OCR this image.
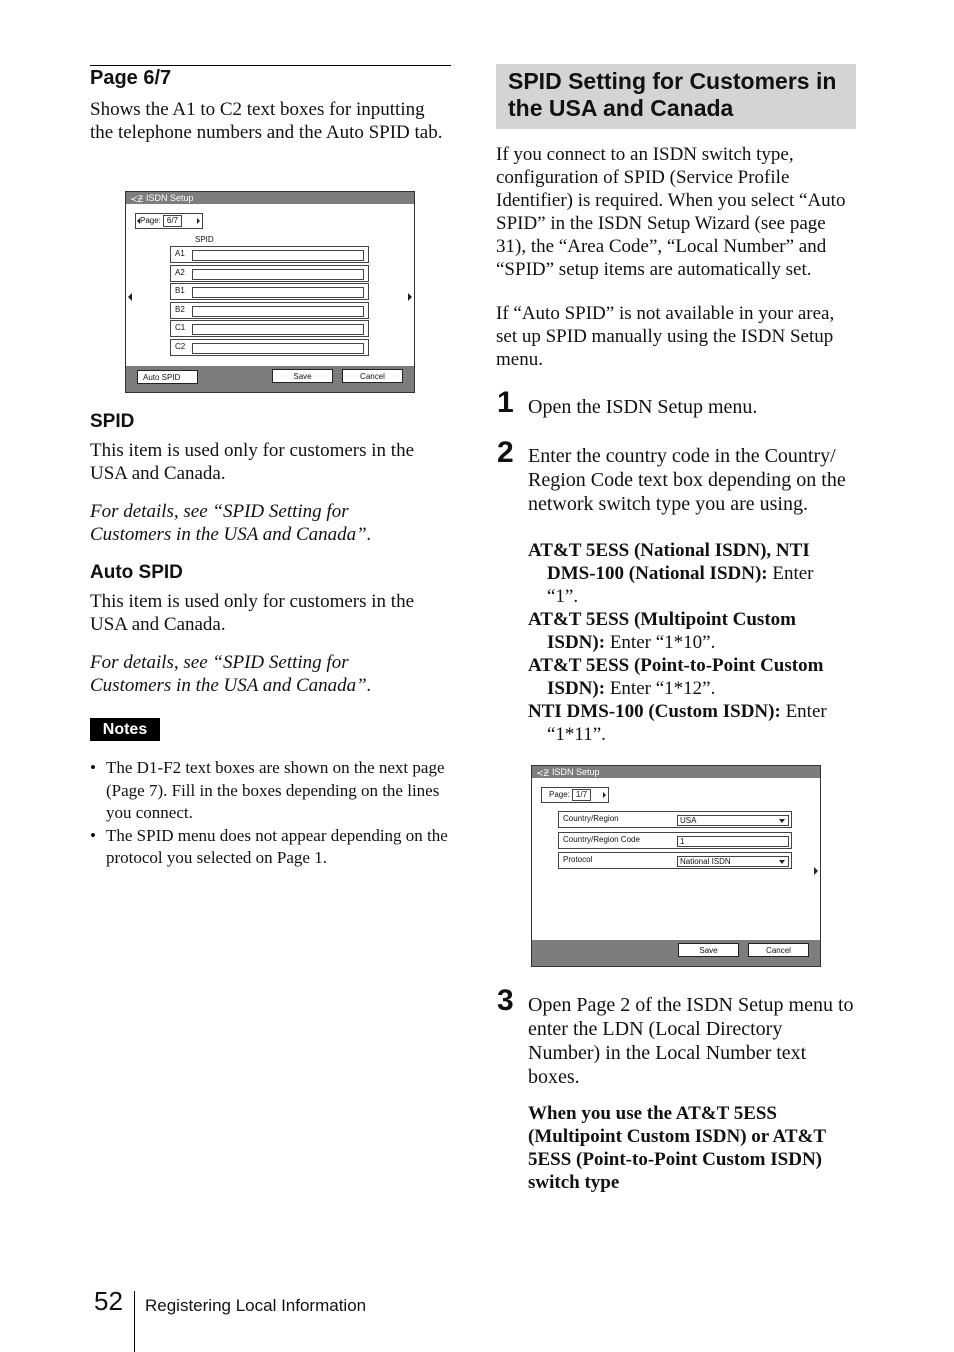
Page 6/7

Shows the A1 to C2 text boxes for inputting the telephone numbers and the Auto SPID tab.

≺Ƶ ISDN Setup
Page: 6/7
SPID
A1
A2
B1
B2
C1
C2
Auto SPID	Save	Cancel
SPID

This item is used only for customers in the USA and Canada.

For details, see “SPID Setting for Customers in the USA and Canada”.

Auto SPID

This item is used only for customers in the USA and Canada.

For details, see “SPID Setting for Customers in the USA and Canada”.

Notes
• The D1-F2 text boxes are shown on the next page (Page 7). Fill in the boxes depending on the lines you connect.
• The SPID menu does not appear depending on the protocol you selected on Page 1.
SPID Setting for Customers in the USA and Canada

If you connect to an ISDN switch type, configuration of SPID (Service Profile Identifier) is required. When you select “Auto SPID” in the ISDN Setup Wizard (see page 31), the “Area Code”, “Local Number” and “SPID” setup items are automatically set.

If “Auto SPID” is not available in your area, set up SPID manually using the ISDN Setup menu.

1 Open the ISDN Setup menu.
2 Enter the country code in the Country/ Region Code text box depending on the network switch type you are using.
AT&T 5ESS (National ISDN), NTI DMS-100 (National ISDN): Enter “1”.
AT&T 5ESS (Multipoint Custom ISDN): Enter “1*10”.
AT&T 5ESS (Point-to-Point Custom ISDN): Enter “1*12”.
NTI DMS-100 (Custom ISDN): Enter “1*11”.
≺Ƶ ISDN Setup
Page: 1/7
Country/Region	USA
Country/Region Code	1
Protocol	National ISDN
Save	Cancel
3 Open Page 2 of the ISDN Setup menu to enter the LDN (Local Directory Number) in the Local Number text boxes.

When you use the AT&T 5ESS (Multipoint Custom ISDN) or AT&T 5ESS (Point-to-Point Custom ISDN) switch type

52 Registering Local Information
